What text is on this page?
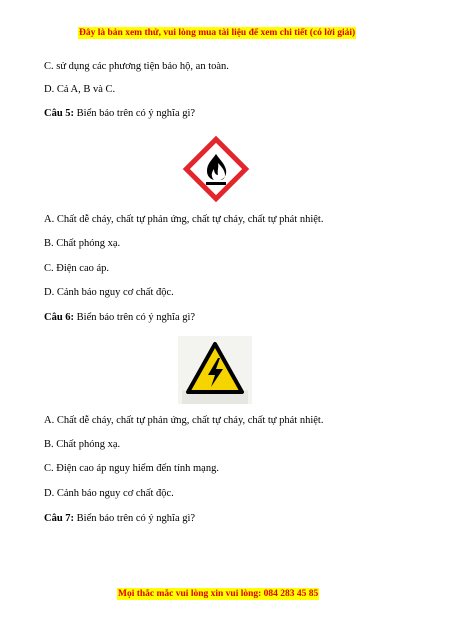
Đây là bản xem thử, vui lòng mua tài liệu để xem chi tiết (có lời giải)
C. sử dụng các phương tiện bảo hộ, an toàn.
D. Cả A, B và C.
Câu 5: Biển báo trên có ý nghĩa gì?
A. Chất dễ cháy, chất tự phản ứng, chất tự cháy, chất tự phát nhiệt.
B. Chất phóng xạ.
C. Điện cao áp.
D. Cảnh báo nguy cơ chất độc.
Câu 6: Biển báo trên có ý nghĩa gì?
A. Chất dễ cháy, chất tự phản ứng, chất tự cháy, chất tự phát nhiệt.
B. Chất phóng xạ.
C. Điện cao áp nguy hiểm đến tính mạng.
D. Cảnh báo nguy cơ chất độc.
Câu 7: Biển báo trên có ý nghĩa gì?
Mọi thắc mắc vui lòng xin vui lòng: 084 283 45 85
